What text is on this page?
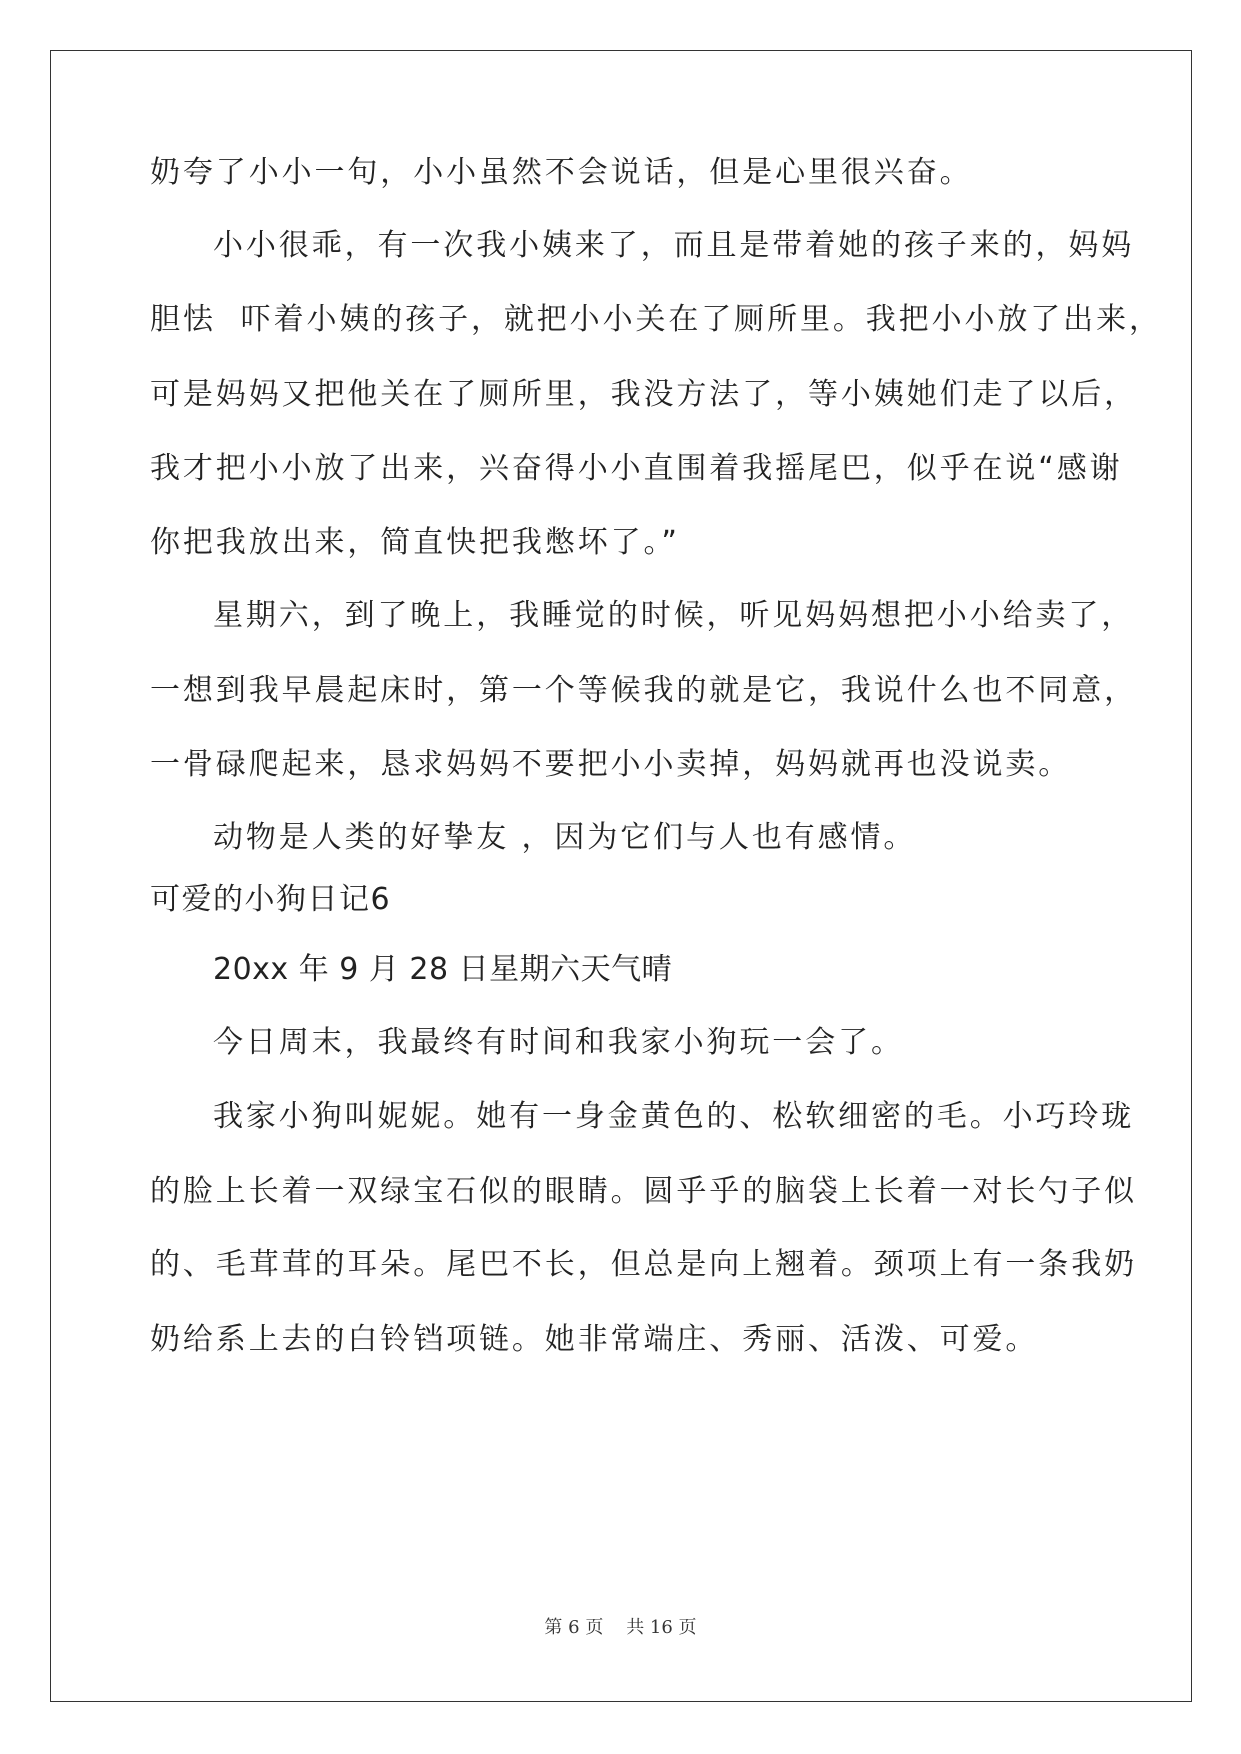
奶夸了小小一句，小小虽然不会说话，但是心里很兴奋。
小小很乖，有一次我小姨来了，而且是带着她的孩子来的，妈妈
胆怯  吓着小姨的孩子，就把小小关在了厕所里。我把小小放了出来，
可是妈妈又把他关在了厕所里，我没方法了，等小姨她们走了以后，
我才把小小放了出来，兴奋得小小直围着我摇尾巴，似乎在说“感谢
你把我放出来，简直快把我憋坏了。”
星期六，到了晚上，我睡觉的时候，听见妈妈想把小小给卖了，
一想到我早晨起床时，第一个等候我的就是它，我说什么也不同意，
一骨碌爬起来，恳求妈妈不要把小小卖掉，妈妈就再也没说卖。
动物是人类的好挚友 ，因为它们与人也有感情。
可爱的小狗日记6
20xx 年 9 月 28 日星期六天气晴
今日周末，我最终有时间和我家小狗玩一会了。
我家小狗叫妮妮。她有一身金黄色的、松软细密的毛。小巧玲珑
的脸上长着一双绿宝石似的眼睛。圆乎乎的脑袋上长着一对长勺子似
的、毛茸茸的耳朵。尾巴不长，但总是向上翘着。颈项上有一条我奶
奶给系上去的白铃铛项链。她非常端庄、秀丽、活泼、可爱。
第 6 页    共 16 页
